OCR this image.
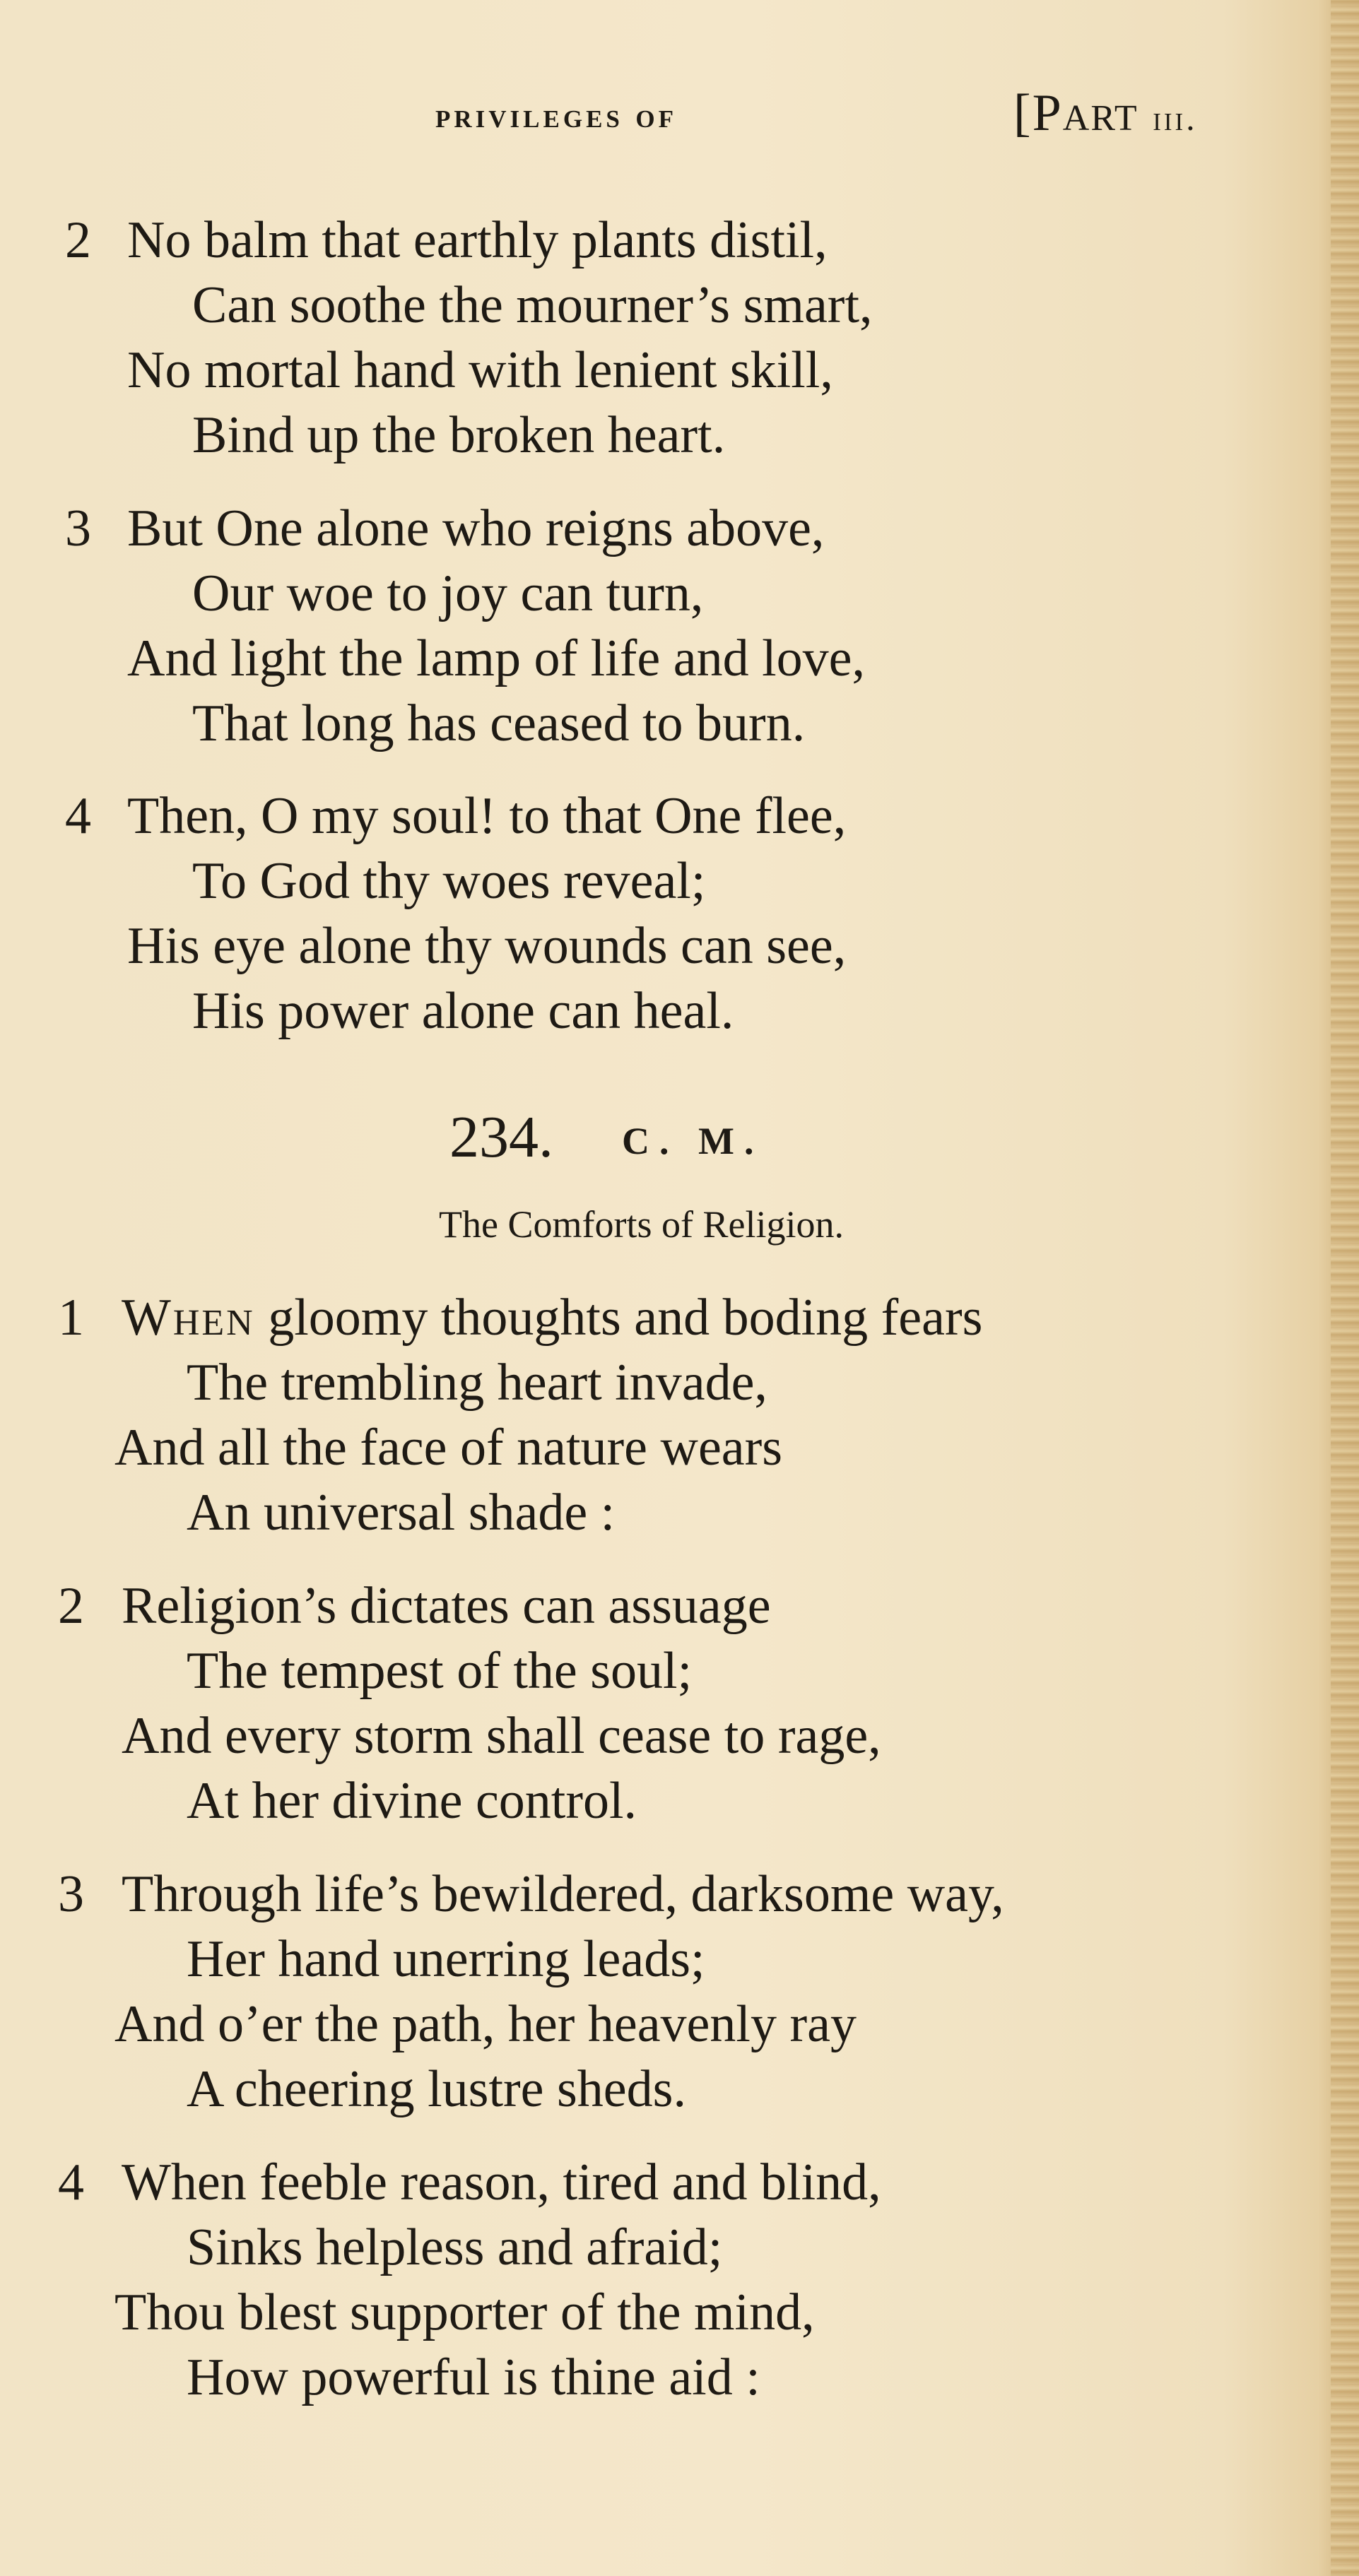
privileges of	[Part iii.
2 No balm that earthly plants distil,
Can soothe the mourner’s smart,
No mortal hand with lenient skill,
Bind up the broken heart.
3 But One alone who reigns above,
Our woe to joy can turn,
And light the lamp of life and love,
That long has ceased to burn.
4 Then, O my soul! to that One flee,
To God thy woes reveal;
His eye alone thy wounds can see,
His power alone can heal.
234. C. M.
The Comforts of Religion.
1 When gloomy thoughts and boding fears
The trembling heart invade,
And all the face of nature wears
An universal shade :
2 Religion’s dictates can assuage
The tempest of the soul;
And every storm shall cease to rage,
At her divine control.
3 Through life’s bewildered, darksome way,
Her hand unerring leads;
And o’er the path, her heavenly ray
A cheering lustre sheds.
4 When feeble reason, tired and blind,
Sinks helpless and afraid;
Thou blest supporter of the mind,
How powerful is thine aid :
